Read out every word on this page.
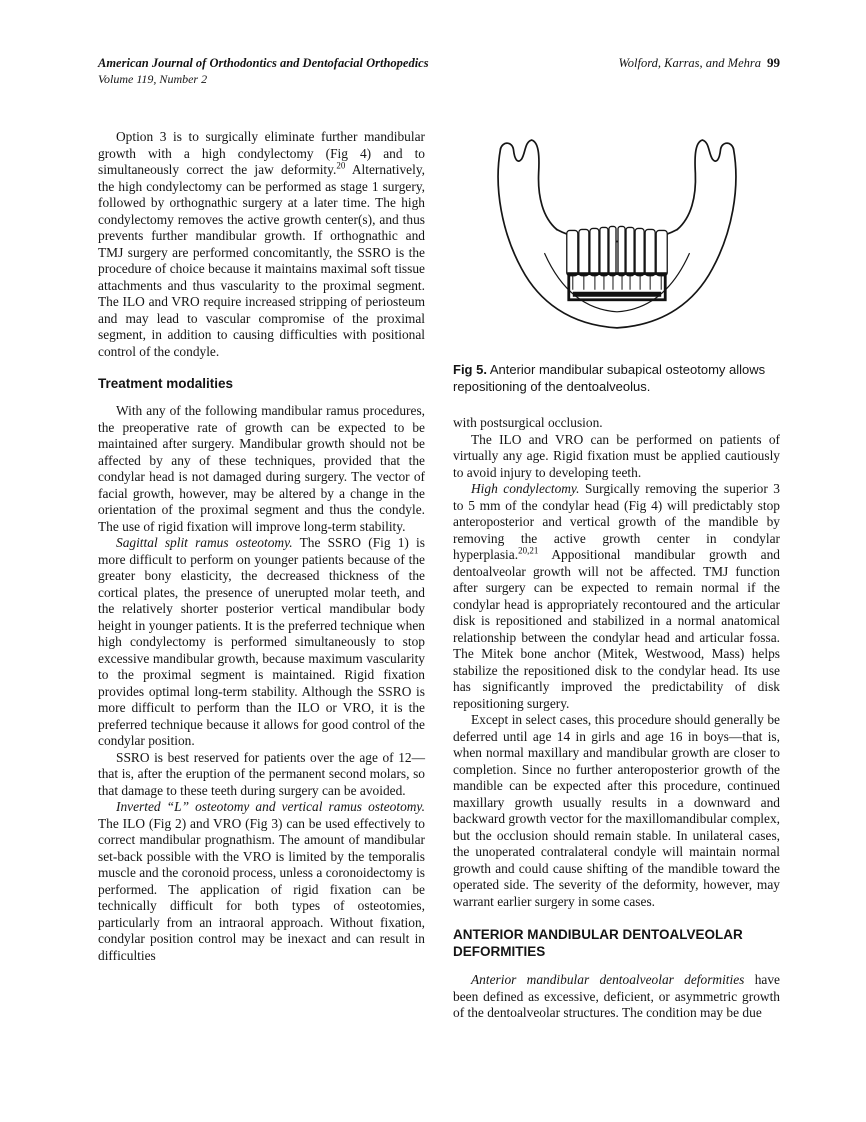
American Journal of Orthodontics and Dentofacial Orthopedics
Volume 119, Number 2
Wolford, Karras, and Mehra 99

Option 3 is to surgically eliminate further mandibular growth with a high condylectomy (Fig 4) and to simultaneously correct the jaw deformity.$^{20}$ Alternatively, the high condylectomy can be performed as stage 1 surgery, followed by orthognathic surgery at a later time. The high condylectomy removes the active growth center(s), and thus prevents further mandibular growth. If orthognathic and TMJ surgery are performed concomitantly, the SSRO is the procedure of choice because it maintains maximal soft tissue attachments and thus vascularity to the proximal segment. The ILO and VRO require increased stripping of periosteum and may lead to vascular compromise of the proximal segment, in addition to causing difficulties with positional control of the condyle.

Treatment modalities

With any of the following mandibular ramus procedures, the preoperative rate of growth can be expected to be maintained after surgery. Mandibular growth should not be affected by any of these techniques, provided that the condylar head is not damaged during surgery. The vector of facial growth, however, may be altered by a change in the orientation of the proximal segment and thus the condyle. The use of rigid fixation will improve long-term stability.

Sagittal split ramus osteotomy. The SSRO (Fig 1) is more difficult to perform on younger patients because of the greater bony elasticity, the decreased thickness of the cortical plates, the presence of unerupted molar teeth, and the relatively shorter posterior vertical mandibular body height in younger patients. It is the preferred technique when high condylectomy is performed simultaneously to stop excessive mandibular growth, because maximum vascularity to the proximal segment is maintained. Rigid fixation provides optimal long-term stability. Although the SSRO is more difficult to perform than the ILO or VRO, it is the preferred technique because it allows for good control of the condylar position.

SSRO is best reserved for patients over the age of 12—that is, after the eruption of the permanent second molars, so that damage to these teeth during surgery can be avoided.

Inverted “L” osteotomy and vertical ramus osteotomy. The ILO (Fig 2) and VRO (Fig 3) can be used effectively to correct mandibular prognathism. The amount of mandibular set-back possible with the VRO is limited by the temporalis muscle and the coronoid process, unless a coronoidectomy is performed. The application of rigid fixation can be technically difficult for both types of osteotomies, particularly from an intraoral approach. Without fixation, condylar position control may be inexact and can result in difficulties

Fig 5. Anterior mandibular subapical osteotomy allows repositioning of the dentoalveolus.

with postsurgical occlusion.

The ILO and VRO can be performed on patients of virtually any age. Rigid fixation must be applied cautiously to avoid injury to developing teeth.

High condylectomy. Surgically removing the superior 3 to 5 mm of the condylar head (Fig 4) will predictably stop anteroposterior and vertical growth of the mandible by removing the active growth center in condylar hyperplasia.$^{20,21}$ Appositional mandibular growth and dentoalveolar growth will not be affected. TMJ function after surgery can be expected to remain normal if the condylar head is appropriately recontoured and the articular disk is repositioned and stabilized in a normal anatomical relationship between the condylar head and articular fossa. The Mitek bone anchor (Mitek, Westwood, Mass) helps stabilize the repositioned disk to the condylar head. Its use has significantly improved the predictability of disk repositioning surgery.

Except in select cases, this procedure should generally be deferred until age 14 in girls and age 16 in boys—that is, when normal maxillary and mandibular growth are closer to completion. Since no further anteroposterior growth of the mandible can be expected after this procedure, continued maxillary growth usually results in a downward and backward growth vector for the maxillomandibular complex, but the occlusion should remain stable. In unilateral cases, the unoperated contralateral condyle will maintain normal growth and could cause shifting of the mandible toward the operated side. The severity of the deformity, however, may warrant earlier surgery in some cases.

ANTERIOR MANDIBULAR DENTOALVEOLAR DEFORMITIES

Anterior mandibular dentoalveolar deformities have been defined as excessive, deficient, or asymmetric growth of the dentoalveolar structures. The condition may be due
